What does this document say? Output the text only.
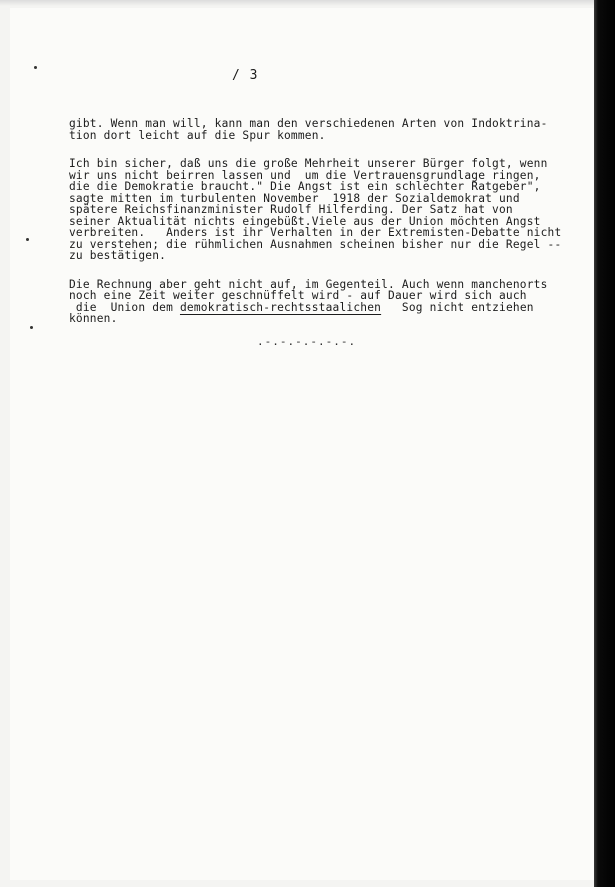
/ 3

gibt. Wenn man will, kann man den verschiedenen Arten von Indoktrina-
tion dort leicht auf die Spur kommen.

Ich bin sicher, daß uns die große Mehrheit unserer Bürger folgt, wenn
wir uns nicht beirren lassen und  um die Vertrauensgrundlage ringen,
die die Demokratie braucht." Die Angst ist ein schlechter Ratgeber",
sagte mitten im turbulenten November  1918 der Sozialdemokrat und
spätere Reichsfinanzminister Rudolf Hilferding. Der Satz hat von
seiner Aktualität nichts eingebüßt.Viele aus der Union möchten Angst
verbreiten.   Anders ist ihr Verhalten in der Extremisten-Debatte nicht
zu verstehen; die rühmlichen Ausnahmen scheinen bisher nur die Regel --
zu bestätigen.

Die Rechnung aber geht nicht auf, im Gegenteil. Auch wenn manchenorts
noch eine Zeit weiter geschnüffelt wird - auf Dauer wird sich auch
die  Union dem demokratisch-rechtsstaalichen   Sog nicht entziehen
können.

.-.-.-.-.-.-.
